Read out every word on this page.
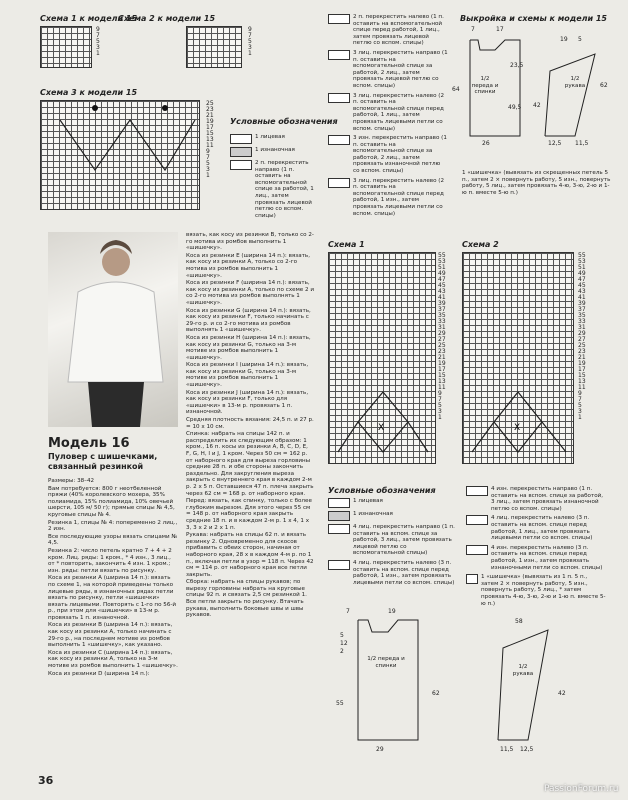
Схема 1 к модели 15
9
7
5
3
1
Схема 2 к модели 15
9
7
5
3
1
Схема 3 к модели 15
25
23
21
19
17
15
13
11
9
7
5
3
1
Условные обозначения
1 лицевая
1 изнаночная
2 п. перекрестить направо (1 п. оставить на вспомогательной спице за работой, 1 лиц., затем провязать лицевой петлю со вспом. спицы)
2 п. перекрестить налево (1 п. оставить на вспомогательной спице перед работой, 1 лиц., затем провязать лицевой петлю со вспом. спицы)
3 лиц. перекрестить направо (1 п. оставить на вспомогательной спице за работой, 2 лиц., затем провязать лицевой петлю со вспом. спицы)
3 лиц. перекрестить налево (2 п. оставить на вспомогательной спице перед работой, 1 лиц., затем провязать лицевыми петли со вспом. спицы)
3 изн. перекрестить направо (1 п. оставить на вспомогательной спице за работой, 2 лиц., затем провязать изнаночной петлю со вспом. спицы)
3 лиц. перекрестить налево (2 п. оставить на вспомогательной спице перед работой, 1 изн., затем провязать лицевыми петли со вспом. спицы)
Выкройка и схемы к модели 15
7	17
19 5
64
23,5
49,5 42
62
26	12,5 11,5
1/2 переда и спинки
1/2 рукава
1 «шишечка» (вывязать из скрещенных петель 5 п., затем 2 × повернуть работу, 5 изн., повернуть работу, 5 лиц., затем провязать 4-ю, 3-ю, 2-ю и 1-ю п. вместе 5-ю п.)
Модель 16
Пуловер с шишечками, связанный резинкой

Размеры: 38–42

Вам потребуется: 800 г неотбеленной пряжи (40% королевского мохера, 35% полиамида, 15% полиамида, 10% овечьей шерсти, 105 м/ 50 г); прямые спицы № 4,5, круговые спицы № 4.

Резинка 1, спицы № 4: попеременно 2 лиц., 2 изн.

Все последующие узоры вязать спицами № 4,5.

Резинка 2: число петель кратно 7 + 4 + 2 кром. Лиц. ряды: 1 кром., * 4 изн., 3 лиц., от * повторить, закончить 4 изн. 1 кром.; изн. ряды: петли вязать по рисунку.

Коса из резинки A (ширина 14 п.): вязать по схеме 1, на которой приведены только лицевые ряды, в изнаночных рядах петли вязать по рисунку, петли «шишечки» вязать лицевыми. Повторять с 1-го по 56-й р., при этом для «шишечки» в 13-м р. провязать 1 п. изнаночной.

Коса из резинки B (ширина 14 п.): вязать, как косу из резинки A, только начинать с 29-го р., на последнем мотиве из ромбов выполнить 1 «шишечку», как указано.

Коса из резинки C (ширина 14 п.): вязать, как косу из резинки A, только на 3-м мотиве из ромбов выполнить 1 «шишечку».

Коса из резинки D (ширина 14 п.):

вязать, как косу из резинки B, только со 2-го мотива из ромбов выполнить 1 «шишечку».

Коса из резинки E (ширина 14 п.): вязать, как косу из резинки A, только со 2-го мотива из ромбов выполнить 1 «шишечку».

Коса из резинки F (ширина 14 п.): вязать, как косу из резинки A, только по схеме 2 и со 2-го мотива из ромбов выполнять 1 «шишечку».

Коса из резинки G (ширина 14 п.): вязать, как косу из резинки F, только начинать с 29-го р. и со 2-го мотива из ромбов выполнять 1 «шишечку».

Коса из резинки H (ширина 14 п.): вязать, как косу из резинки G, только на 3-м мотиве из ромбов выполнить 1 «шишечку».

Коса из резинки I (ширина 14 п.): вязать, как косу из резинки G, только на 3-м мотиве из ромбов выполнить 1 «шишечку».

Коса из резинки J (ширина 14 п.): вязать, как косу из резинки F, только для «шишечки» в 13-м р. провязать 1 п. изнаночной.

Средняя плотность вязания: 24,5 п. и 27 р. = 10 х 10 см.

Спинка: набрать на спицы 142 п. и распределить их следующим образом: 1 кром., 16 п. косы из резинки A, B, C, D, E, F, G, H, I и J, 1 кром. Через 50 см = 162 р. от наборного края для выреза горловины средние 28 п. и обе стороны закончить раздельно. Для закругления выреза закрыть с внутреннего края в каждом 2-м р. 2 х 5 п. Оставшиеся 47 п. плеча закрыть через 62 см = 168 р. от наборного края.

Перед: вязать, как спинку, только с более глубоким вырезом. Для этого через 55 см = 148 р. от наборного края закрыть средние 18 п. и в каждом 2-м р. 1 х 4, 1 х 3, 3 х 2 и 2 х 1 п.

Рукава: набрать на спицы 62 п. и вязать резинку 2. Одновременно для скосов прибавить с обеих сторон, начиная от наборного края, 28 х в каждом 4-м р. по 1 п., включая петли в узор = 118 п. Через 42 см = 114 р. от наборного края все петли закрыть.

Сборка: набрать на спицы рукавов; по вырезу горловины набрать на круговые спицы 92 п. и связать 2,5 см резинкой 1. Все петли закрыть по рисунку. Втачать рукава, выполнить боковые швы и швы рукавов.

Схема 1
X
55
53
51
49
47
45
43
41
39
37
35
33
31
29
27
25
23
21
19
17
15
13
11
9
7
5
3
1
Схема 2
X
55
53
51
49
47
45
43
41
39
37
35
33
31
29
27
25
23
21
19
17
15
13
11
9
7
5
3
1
Условные обозначения
1 лицевая
1 изнаночная
4 лиц. перекрестить направо (1 п. оставить на вспом. спице за работой, 3 лиц., затем провязать лицевой петлю со вспомогательной спицы)
4 лиц. перекрестить налево (3 п. оставить на вспом. спице перед работой, 1 изн., затем провязать лицевыми петли со вспом. спицы)
4 изн. перекрестить направо (1 п. оставить на вспом. спице за работой, 3 лиц., затем провязать изнаночной петлю со вспом. спицы)
4 лиц. перекрестить налево (3 п. оставить на вспом. спице перед работой, 1 лиц., затем провязать лицевыми петли со вспом. спицы)
4 изн. перекрестить налево (3 п. оставить на вспом. спице перед работой, 1 изн., затем провязать изнаночными петли со вспом. спицы)
1 «шишечка» (вывязать из 1 п. 5 п., затем 2 × повернуть работу, 5 изн., повернуть работу, 5 лиц., * затем провязать 4-ю, 3-ю, 2-ю и 1-ю п. вместе 5-ю п.)
1/2 переда и спинки	1/2 рукава
7	19
58
5
12
29
62
55
42
11,5 12,5
2
36
PassionForum.ru
